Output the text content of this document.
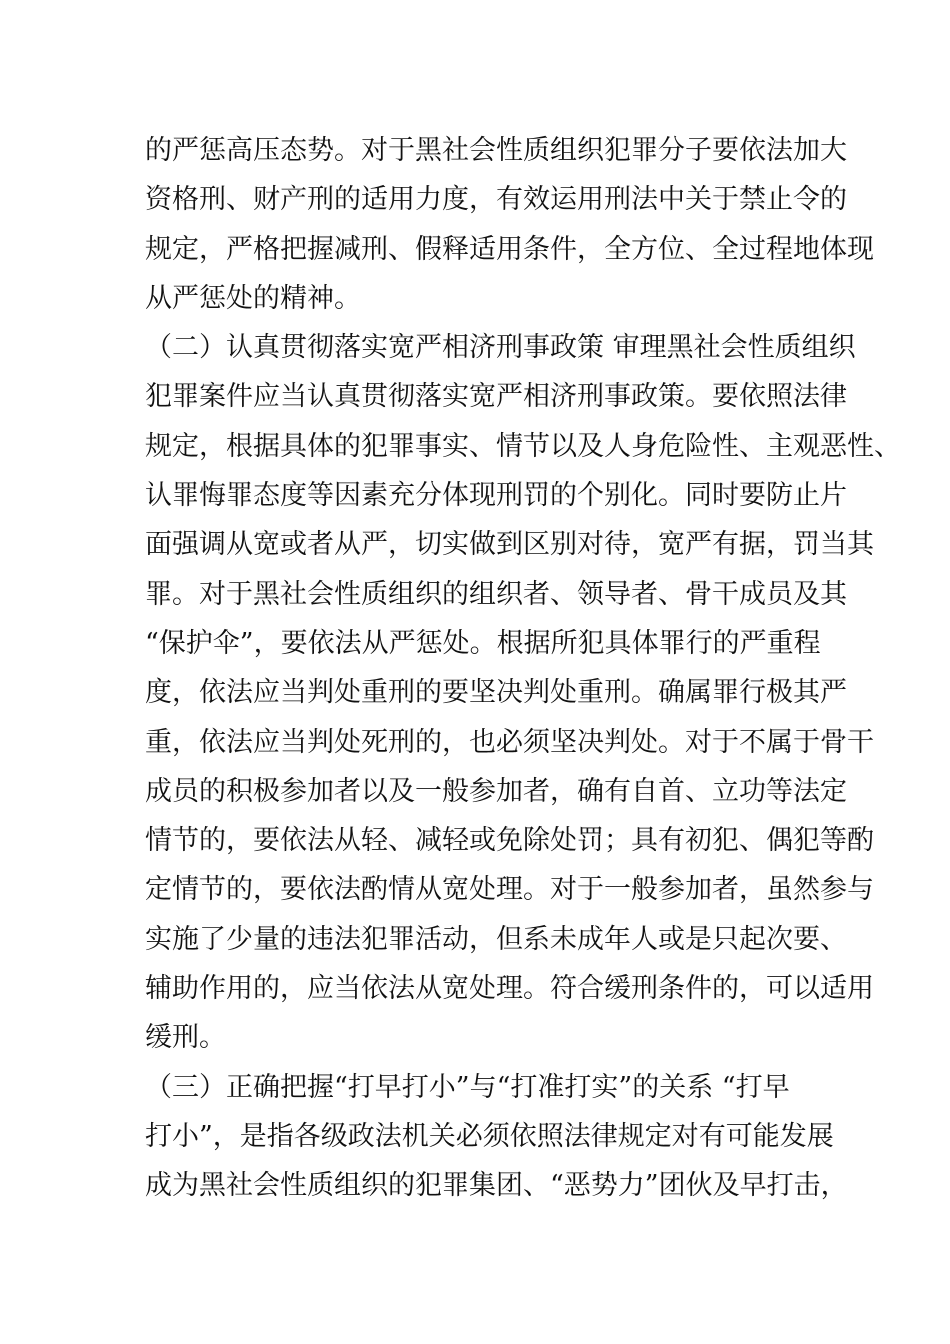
的严惩高压态势。对于黑社会性质组织犯罪分子要依法加大
资格刑、财产刑的适用力度，有效运用刑法中关于禁止令的
规定，严格把握减刑、假释适用条件，全方位、全过程地体现
从严惩处的精神。
（二）认真贯彻落实宽严相济刑事政策 审理黑社会性质组织
犯罪案件应当认真贯彻落实宽严相济刑事政策。要依照法律
规定，根据具体的犯罪事实、情节以及人身危险性、主观恶性、
认罪悔罪态度等因素充分体现刑罚的个别化。同时要防止片
面强调从宽或者从严，切实做到区别对待，宽严有据，罚当其
罪。对于黑社会性质组织的组织者、领导者、骨干成员及其
“保护伞”，要依法从严惩处。根据所犯具体罪行的严重程
度，依法应当判处重刑的要坚决判处重刑。确属罪行极其严
重，依法应当判处死刑的，也必须坚决判处。对于不属于骨干
成员的积极参加者以及一般参加者，确有自首、立功等法定
情节的，要依法从轻、减轻或免除处罚；具有初犯、偶犯等酌
定情节的，要依法酌情从宽处理。对于一般参加者，虽然参与
实施了少量的违法犯罪活动，但系未成年人或是只起次要、
辅助作用的，应当依法从宽处理。符合缓刑条件的，可以适用
缓刑。
（三）正确把握“打早打小”与“打准打实”的关系 “打早
打小”，是指各级政法机关必须依照法律规定对有可能发展
成为黑社会性质组织的犯罪集团、“恶势力”团伙及早打击，
